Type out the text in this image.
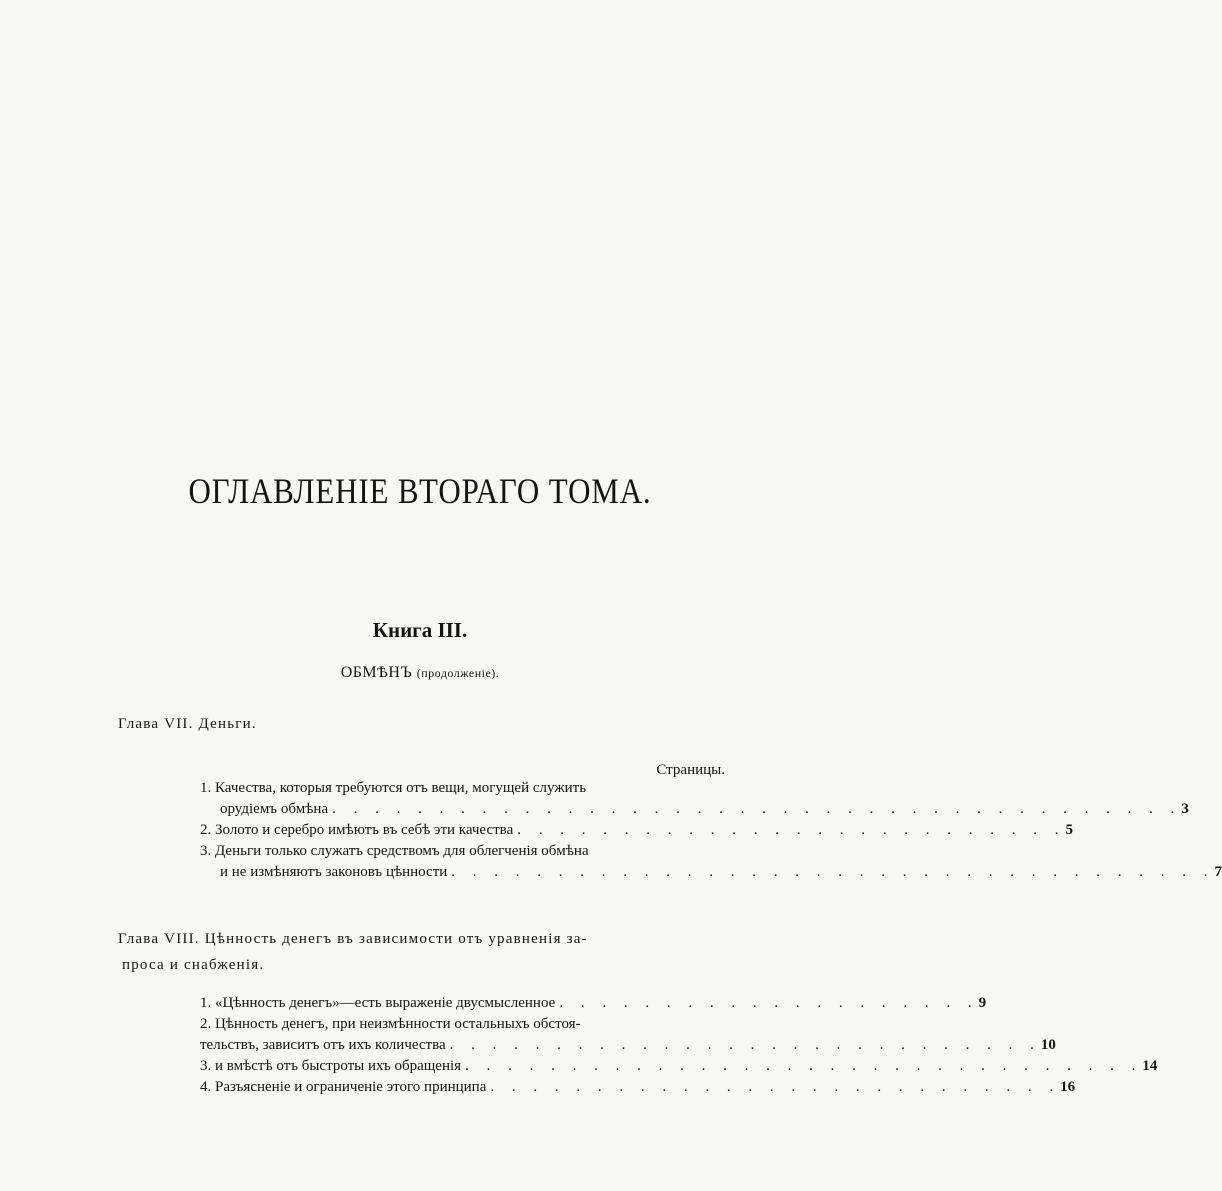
ОГЛАВЛЕНІЕ ВТОРАГО ТОМА.
Книга III.
ОБМѢНЪ (продолженіе).
Глава VII. Деньги.
Страницы.
1. Качества, которыя требуются отъ вещи, могущей служить
орудіемъ обмѣна . . . . . . . . . . . . . . . . . . . . . . . . . . . . . . . . . . . . . . . . 3
2. Золото и серебро имѣютъ въ себѣ эти качества . . . . . . . . . . . . . . . . . . . . . . . . . . 5
3. Деньги только служатъ средствомъ для облегченія обмѣна
и не измѣняютъ законовъ цѣнности . . . . . . . . . . . . . . . . . . . . . . . . . . . . . . . . . . . . 7
Глава VIII. Цѣнность денегъ въ зависимости отъ уравненія за-
проса и снабженія.
1. «Цѣнность денегъ»—есть выраженіе двусмысленное . . . . . . . . . . . . . . . . . . . . 9
2. Цѣнность денегъ, при неизмѣнности остальныхъ обстоя-
тельствъ, зависитъ отъ ихъ количества . . . . . . . . . . . . . . . . . . . . . . . . . . . . 10
3. и вмѣстѣ отъ быстроты ихъ обращенія . . . . . . . . . . . . . . . . . . . . . . . . . . . . . . . . 14
4. Разъясненіе и ограниченіе этого принципа . . . . . . . . . . . . . . . . . . . . . . . . . . . 16
